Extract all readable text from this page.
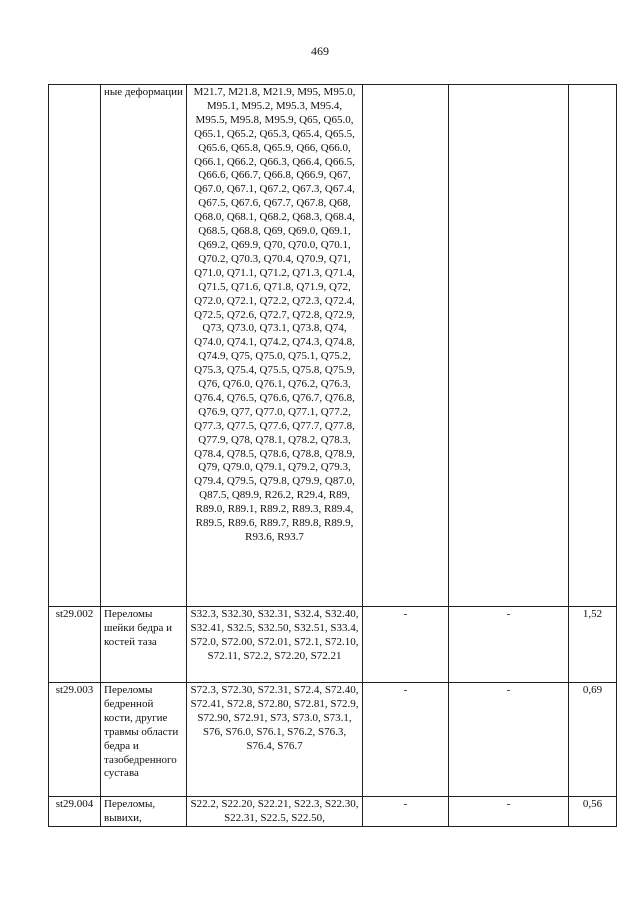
469
	ные деформации	M21.7, M21.8, M21.9, M95, M95.0, M95.1, M95.2, M95.3, M95.4, M95.5, M95.8, M95.9, Q65, Q65.0, Q65.1, Q65.2, Q65.3, Q65.4, Q65.5, Q65.6, Q65.8, Q65.9, Q66, Q66.0, Q66.1, Q66.2, Q66.3, Q66.4, Q66.5, Q66.6, Q66.7, Q66.8, Q66.9, Q67, Q67.0, Q67.1, Q67.2, Q67.3, Q67.4, Q67.5, Q67.6, Q67.7, Q67.8, Q68, Q68.0, Q68.1, Q68.2, Q68.3, Q68.4, Q68.5, Q68.8, Q69, Q69.0, Q69.1, Q69.2, Q69.9, Q70, Q70.0, Q70.1, Q70.2, Q70.3, Q70.4, Q70.9, Q71, Q71.0, Q71.1, Q71.2, Q71.3, Q71.4, Q71.5, Q71.6, Q71.8, Q71.9, Q72, Q72.0, Q72.1, Q72.2, Q72.3, Q72.4, Q72.5, Q72.6, Q72.7, Q72.8, Q72.9, Q73, Q73.0, Q73.1, Q73.8, Q74, Q74.0, Q74.1, Q74.2, Q74.3, Q74.8, Q74.9, Q75, Q75.0, Q75.1, Q75.2, Q75.3, Q75.4, Q75.5, Q75.8, Q75.9, Q76, Q76.0, Q76.1, Q76.2, Q76.3, Q76.4, Q76.5, Q76.6, Q76.7, Q76.8, Q76.9, Q77, Q77.0, Q77.1, Q77.2, Q77.3, Q77.5, Q77.6, Q77.7, Q77.8, Q77.9, Q78, Q78.1, Q78.2, Q78.3, Q78.4, Q78.5, Q78.6, Q78.8, Q78.9, Q79, Q79.0, Q79.1, Q79.2, Q79.3, Q79.4, Q79.5, Q79.8, Q79.9, Q87.0, Q87.5, Q89.9, R26.2, R29.4, R89, R89.0, R89.1, R89.2, R89.3, R89.4, R89.5, R89.6, R89.7, R89.8, R89.9, R93.6, R93.7			
st29.002	Переломы шейки бедра и костей таза	S32.3, S32.30, S32.31, S32.4, S32.40, S32.41, S32.5, S32.50, S32.51, S33.4, S72.0, S72.00, S72.01, S72.1, S72.10, S72.11, S72.2, S72.20, S72.21	-	-	1,52
st29.003	Переломы бедренной кости, другие травмы области бедра и тазобедренного сустава	S72.3, S72.30, S72.31, S72.4, S72.40, S72.41, S72.8, S72.80, S72.81, S72.9, S72.90, S72.91, S73, S73.0, S73.1, S76, S76.0, S76.1, S76.2, S76.3, S76.4, S76.7	-	-	0,69
st29.004	Переломы, вывихи,	S22.2, S22.20, S22.21, S22.3, S22.30, S22.31, S22.5, S22.50,	-	-	0,56
